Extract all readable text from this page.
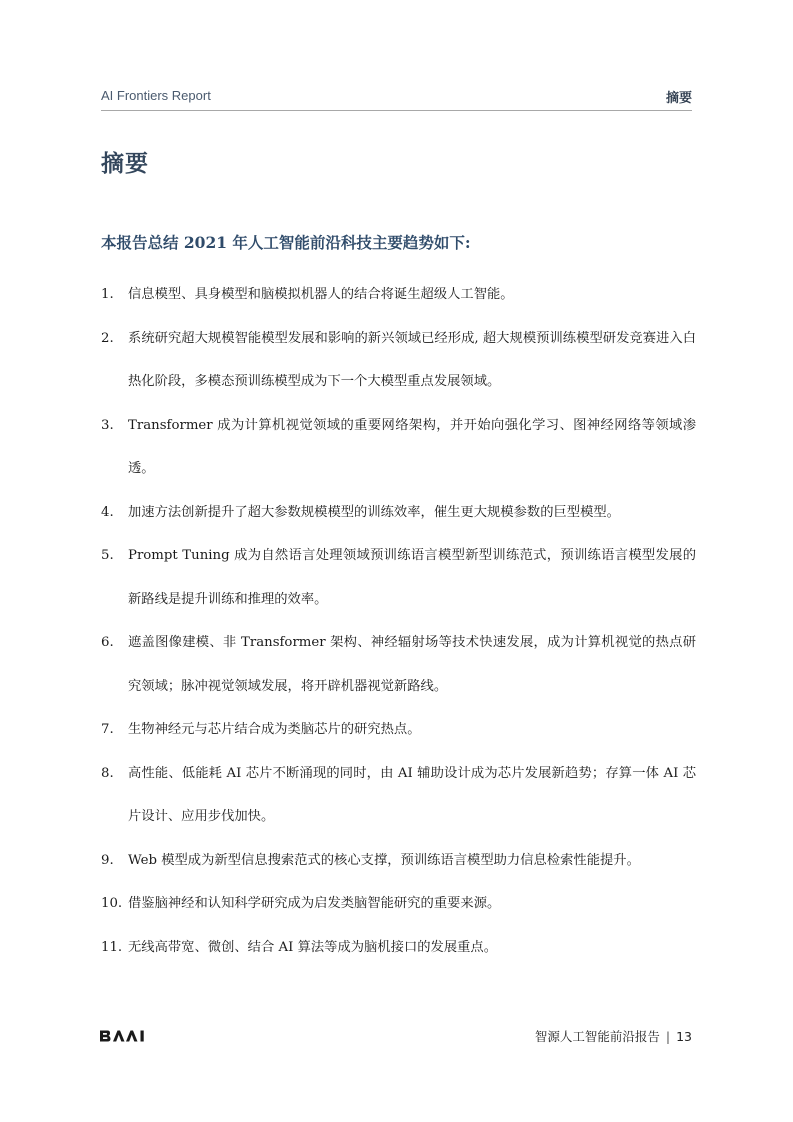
AI Frontiers Report	摘要
摘要
本报告总结 2021 年人工智能前沿科技主要趋势如下:
1.	信息模型、具身模型和脑模拟机器人的结合将诞生超级人工智能。
2.	系统研究超大规模智能模型发展和影响的新兴领域已经形成, 超大规模预训练模型研发竞赛进入白热化阶段，多模态预训练模型成为下一个大模型重点发展领域。
3.	Transformer 成为计算机视觉领域的重要网络架构，并开始向强化学习、图神经网络等领域渗透。
4.	加速方法创新提升了超大参数规模模型的训练效率，催生更大规模参数的巨型模型。
5.	Prompt Tuning 成为自然语言处理领域预训练语言模型新型训练范式，预训练语言模型发展的新路线是提升训练和推理的效率。
6.	遮盖图像建模、非 Transformer 架构、神经辐射场等技术快速发展，成为计算机视觉的热点研究领域；脉冲视觉领域发展，将开辟机器视觉新路线。
7.	生物神经元与芯片结合成为类脑芯片的研究热点。
8.	高性能、低能耗 AI 芯片不断涌现的同时，由 AI 辅助设计成为芯片发展新趋势；存算一体 AI 芯片设计、应用步伐加快。
9.	Web 模型成为新型信息搜索范式的核心支撑，预训练语言模型助力信息检索性能提升。
10. 借鉴脑神经和认知科学研究成为启发类脑智能研究的重要来源。
11. 无线高带宽、微创、结合 AI 算法等成为脑机接口的发展重点。
智源人工智能前沿报告 | 13
